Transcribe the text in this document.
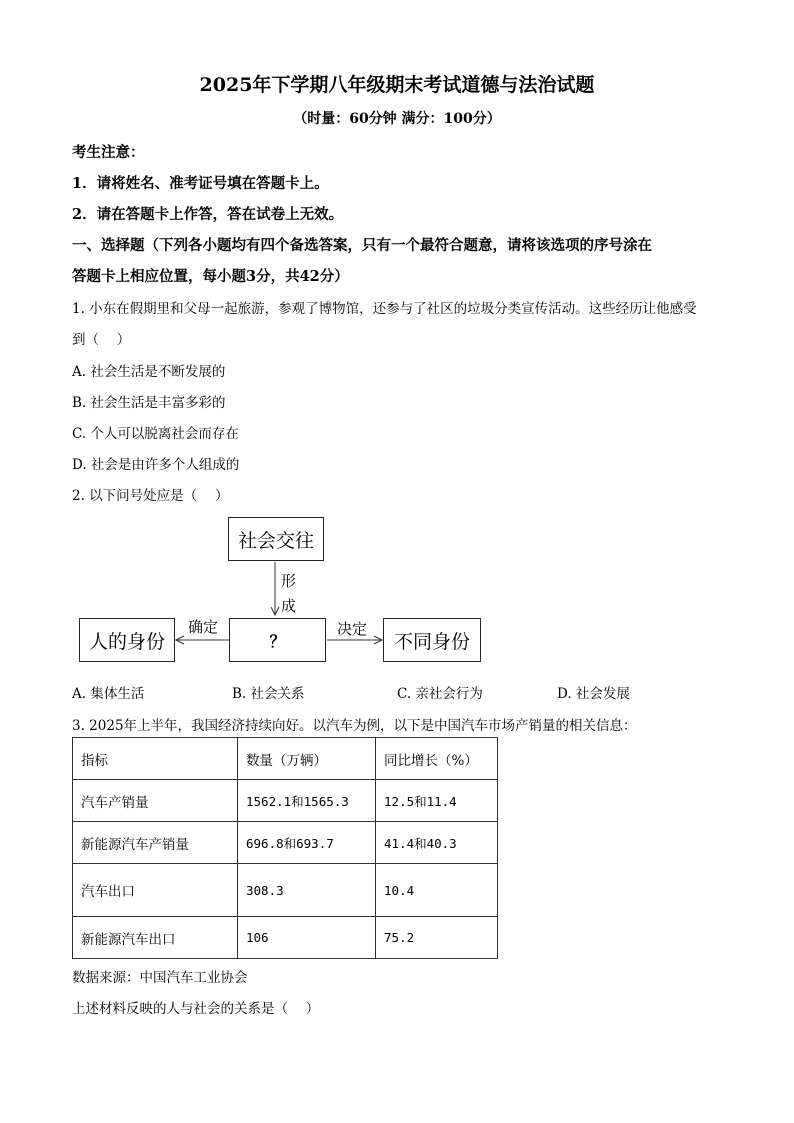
2025年下学期八年级期末考试道德与法治试题
（时量：60分钟 满分：100分）
考生注意：
1．请将姓名、准考证号填在答题卡上。
2．请在答题卡上作答，答在试卷上无效。
一、选择题（下列各小题均有四个备选答案，只有一个最符合题意，请将该选项的序号涂在
答题卡上相应位置，每小题3分，共42分）
1. 小东在假期里和父母一起旅游，参观了博物馆，还参与了社区的垃圾分类宣传活动。这些经历让他感受
到（　 ）
A. 社会生活是不断发展的
B. 社会生活是丰富多彩的
C. 个人可以脱离社会而存在
D. 社会是由许多个人组成的
2. 以下问号处应是（　 ）
社会交往
？
人的身份	不同身份
形
成
确定	决定
A. 集体生活	B. 社会关系	C. 亲社会行为	D. 社会发展
3. 2025年上半年，我国经济持续向好。以汽车为例，以下是中国汽车市场产销量的相关信息：
指标	数量（万辆）	同比增长（%）
汽车产销量	1562.1和1565.3	12.5和11.4
新能源汽车产销量	696.8和693.7	41.4和40.3
汽车出口	308.3	10.4
新能源汽车出口	106	75.2
数据来源：中国汽车工业协会
上述材料反映的人与社会的关系是（　 ）
